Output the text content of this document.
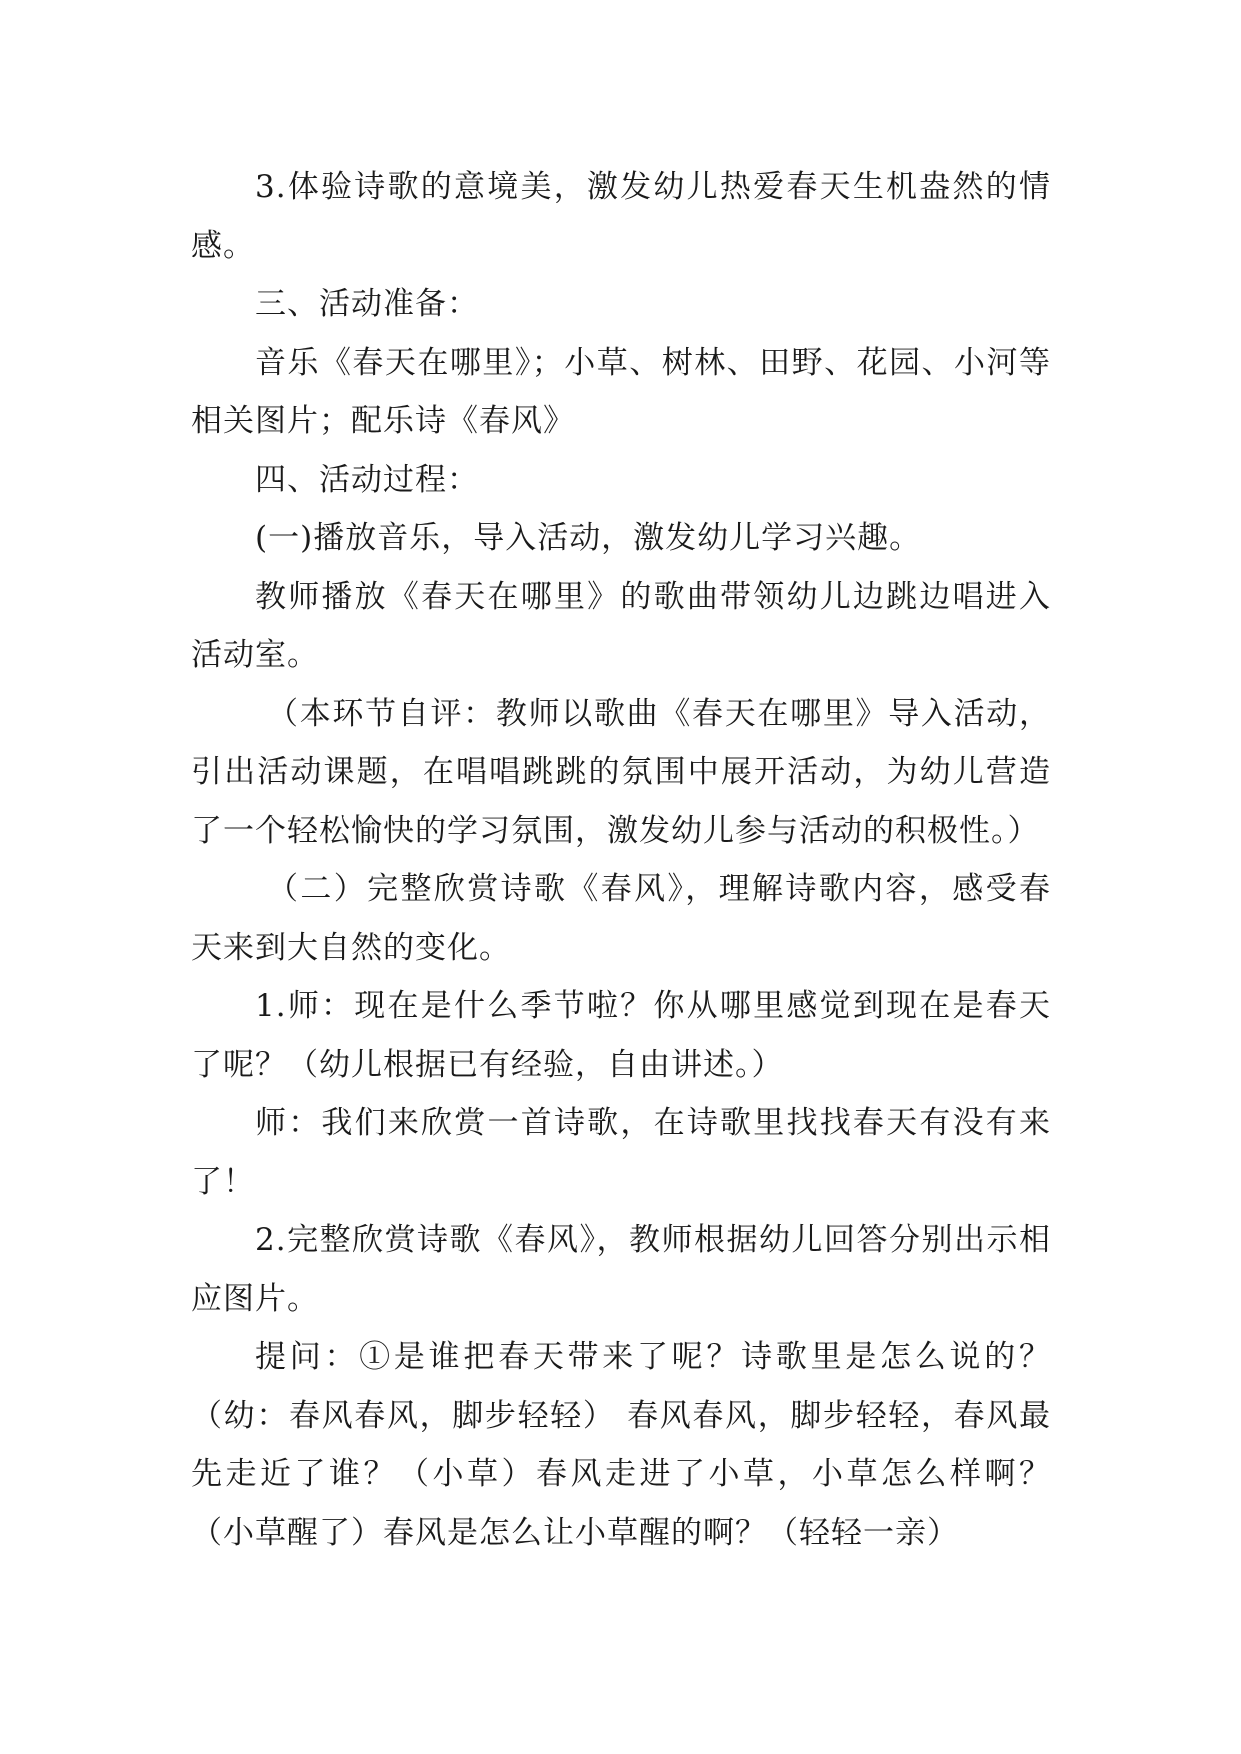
3.体验诗歌的意境美，激发幼儿热爱春天生机盎然的情感。

三、活动准备：

音乐《春天在哪里》；小草、树林、田野、花园、小河等相关图片；配乐诗《春风》

四、活动过程：

(一)播放音乐，导入活动，激发幼儿学习兴趣。

教师播放《春天在哪里》的歌曲带领幼儿边跳边唱进入活动室。

（本环节自评：教师以歌曲《春天在哪里》导入活动，引出活动课题，在唱唱跳跳的氛围中展开活动，为幼儿营造了一个轻松愉快的学习氛围，激发幼儿参与活动的积极性。）

（二）完整欣赏诗歌《春风》，理解诗歌内容，感受春天来到大自然的变化。

1.师：现在是什么季节啦？你从哪里感觉到现在是春天了呢？（幼儿根据已有经验，自由讲述。）

师：我们来欣赏一首诗歌，在诗歌里找找春天有没有来了！

2.完整欣赏诗歌《春风》，教师根据幼儿回答分别出示相应图片。

提问：①是谁把春天带来了呢？诗歌里是怎么说的？（幼：春风春风，脚步轻轻） 春风春风，脚步轻轻，春风最先走近了谁？（小草）春风走进了小草，小草怎么样啊？（小草醒了）春风是怎么让小草醒的啊？（轻轻一亲）
